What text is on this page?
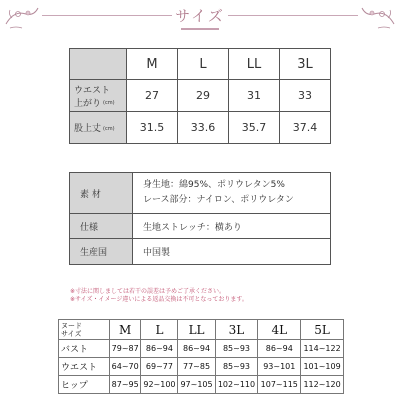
サイズ
	M	L	LL	3L

ウエスト
上がり (cm)	27	29	31	33
股上丈 (cm)	31.5	33.6	35.7	37.4
素 材	身生地：綿95%、ポリウレタン5%
レース部分：ナイロン、ポリウレタン

仕様	生地ストレッチ：横あり
生産国	中国製
※寸法に関しましては若干の誤差は予めご了承ください。
※サイズ・イメージ違いによる返品交換は不可となっております。
ヌード
サイズ	M	L	LL	3L	4L	5L
バスト	79~87	86~94	86~94	85~93	86~94	114~122
ウエスト	64~70	69~77	77~85	85~93	93~101	101~109
ヒップ	87~95	92~100	97~105	102~110	107~115	112~120
